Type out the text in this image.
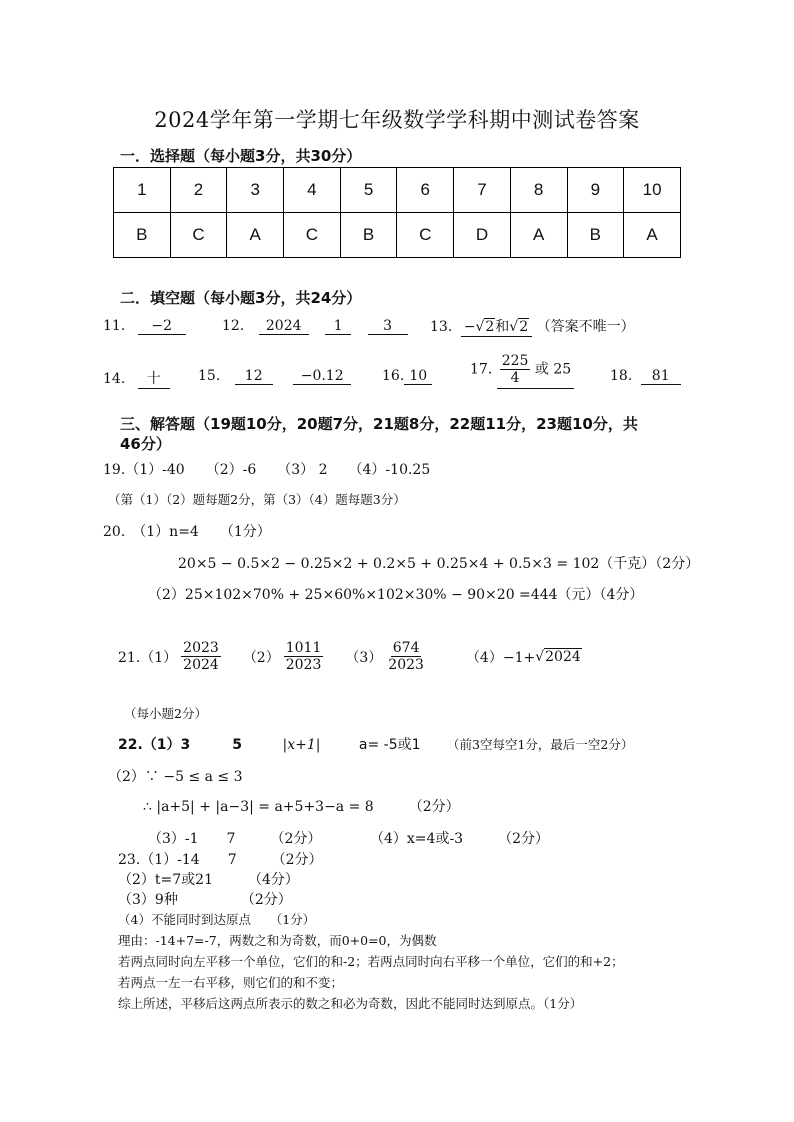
2024学年第一学期七年级数学学科期中测试卷答案
一．选择题（每小题3分，共30分）
1	2	3	4	5	6	7	8	9	10
B	C	A	C	B	C	D	A	B	A
二．填空题（每小题3分，共24分）
11. −2	12. 2024 1	3	13. −√2和√2 （答案不唯一）
14. 十	15. 12	−0.12	16. 10	17. $\frac{225}{4}$ 或 25	18. 81
三、解答题（19题10分，20题7分，21题8分，22题11分，23题10分，共
46分）
19.（1）-40　　（2）-6　　（3） 2　　（4）-10.25
（第（1）（2）题每题2分，第（3）（4）题每题3分）
20.　（1）n=4　　（1分）
20×5 − 0.5×2 − 0.25×2 + 0.2×5 + 0.25×4 + 0.5×3 = 102（千克）（2分）
（2）25×102×70% + 25×60%×102×30% − 90×20 =444（元）（4分）
$21.(1) \frac{2023}{2024} (2) \frac{1011}{2023} (3) \frac{674}{2023}$	（4）−1+ √2024
（每小题2分）
22.（1）3　　　5	|x+1|	a= -5或1 （前3空每空1分，最后一空2分）
（2）∵ −5 ≤ a ≤ 3
∴ |a+5| + |a−3| = a+5+3−a = 8　　　（2分）
（3）-1　　7　　　（2分）	（4）x=4或-3　　　（2分）
23.（1）-14　　7　　　（2分）
（2）t=7或21　　　（4分）
（3）9种　　　　　（2分）
（4）不能同时到达原点　　（1分）
理由：-14+7=-7，两数之和为奇数，而0+0=0，为偶数
若两点同时向左平移一个单位，它们的和-2；若两点同时向右平移一个单位，它们的和+2；
若两点一左一右平移，则它们的和不变；
综上所述，平移后这两点所表示的数之和必为奇数，因此不能同时达到原点。（1分）
